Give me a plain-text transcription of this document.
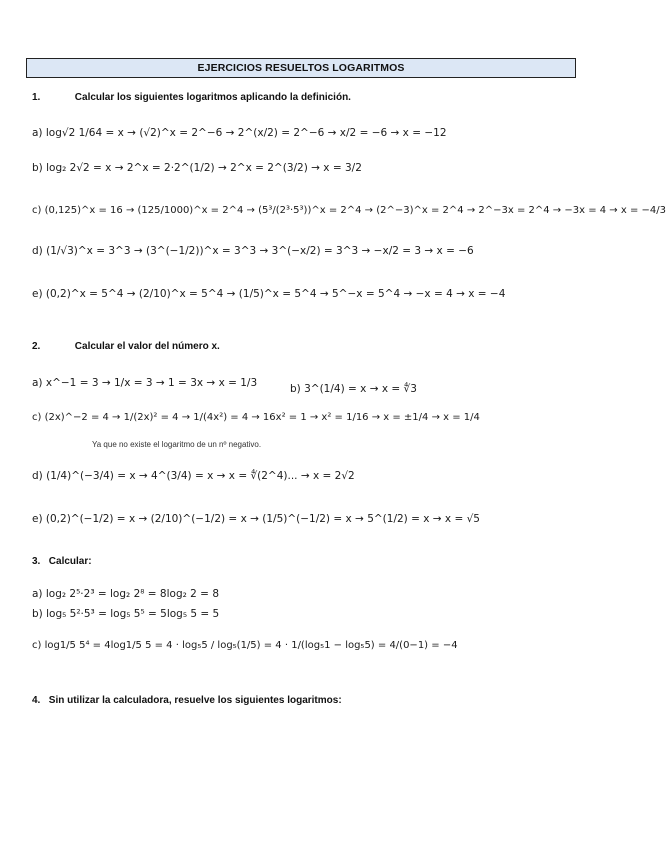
EJERCICIOS RESUELTOS LOGARITMOS
1.	Calcular los siguientes logaritmos aplicando la definición.
a) log√2 1/64 = x → (√2)^x = 2^−6 → 2^(x/2) = 2^−6 → x/2 = −6 → x = −12
b) log₂ 2√2 = x → 2^x = 2·2^(1/2) → 2^x = 2^(3/2) → x = 3/2
c) (0,125)^x = 16 → (125/1000)^x = 2^4 → (5³/(2³·5³))^x = 2^4 → (2^−3)^x = 2^4 → 2^−3x = 2^4 → −3x = 4 → x = −4/3
d) (1/√3)^x = 3^3 → (3^(−1/2))^x = 3^3 → 3^(−x/2) = 3^3 → −x/2 = 3 → x = −6
e) (0,2)^x = 5^4 → (2/10)^x = 5^4 → (1/5)^x = 5^4 → 5^−x = 5^4 → −x = 4 → x = −4
2.	Calcular el valor del número x.
a) x^−1 = 3 → 1/x = 3 → 1 = 3x → x = 1/3	b) 3^(1/4) = x → x = ∜3
c) (2x)^−2 = 4 → 1/(2x)² = 4 → 1/(4x²) = 4 → 16x² = 1 → x² = 1/16 → x = ±1/4 → x = 1/4
Ya que no existe el logaritmo de un nº negativo.
d) (1/4)^(−3/4) = x → 4^(3/4) = x → x = ∜(2^4)... → x = 2√2
e) (0,2)^(−1/2) = x → (2/10)^(−1/2) = x → (1/5)^(−1/2) = x → 5^(1/2) = x → x = √5
3. Calcular:
a) log₂ 2⁵·2³ = log₂ 2⁸ = 8log₂ 2 = 8
b) log₅ 5²·5³ = log₅ 5⁵ = 5log₅ 5 = 5
c) log1/5 5⁴ = 4log1/5 5 = 4 · log₅5 / log₅(1/5) = 4 · 1/(log₅1 − log₅5) = 4/(0−1) = −4
4. Sin utilizar la calculadora, resuelve los siguientes logaritmos:
